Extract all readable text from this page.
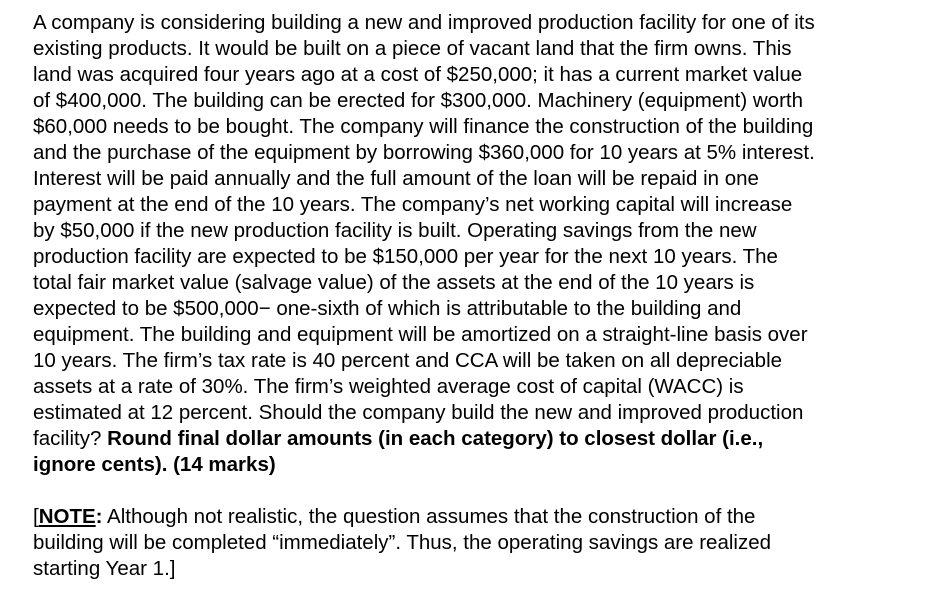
A company is considering building a new and improved production facility for one of its
existing products. It would be built on a piece of vacant land that the firm owns. This
land was acquired four years ago at a cost of $250,000; it has a current market value
of $400,000. The building can be erected for $300,000. Machinery (equipment) worth
$60,000 needs to be bought. The company will finance the construction of the building
and the purchase of the equipment by borrowing $360,000 for 10 years at 5% interest.
Interest will be paid annually and the full amount of the loan will be repaid in one
payment at the end of the 10 years. The company’s net working capital will increase
by $50,000 if the new production facility is built. Operating savings from the new
production facility are expected to be $150,000 per year for the next 10 years. The
total fair market value (salvage value) of the assets at the end of the 10 years is
expected to be $500,000− one-sixth of which is attributable to the building and
equipment. The building and equipment will be amortized on a straight-line basis over
10 years. The firm’s tax rate is 40 percent and CCA will be taken on all depreciable
assets at a rate of 30%. The firm’s weighted average cost of capital (WACC) is
estimated at 12 percent. Should the company build the new and improved production
facility? Round final dollar amounts (in each category) to closest dollar (i.e.,
ignore cents). (14 marks)

[NOTE: Although not realistic, the question assumes that the construction of the
building will be completed “immediately”. Thus, the operating savings are realized
starting Year 1.]
